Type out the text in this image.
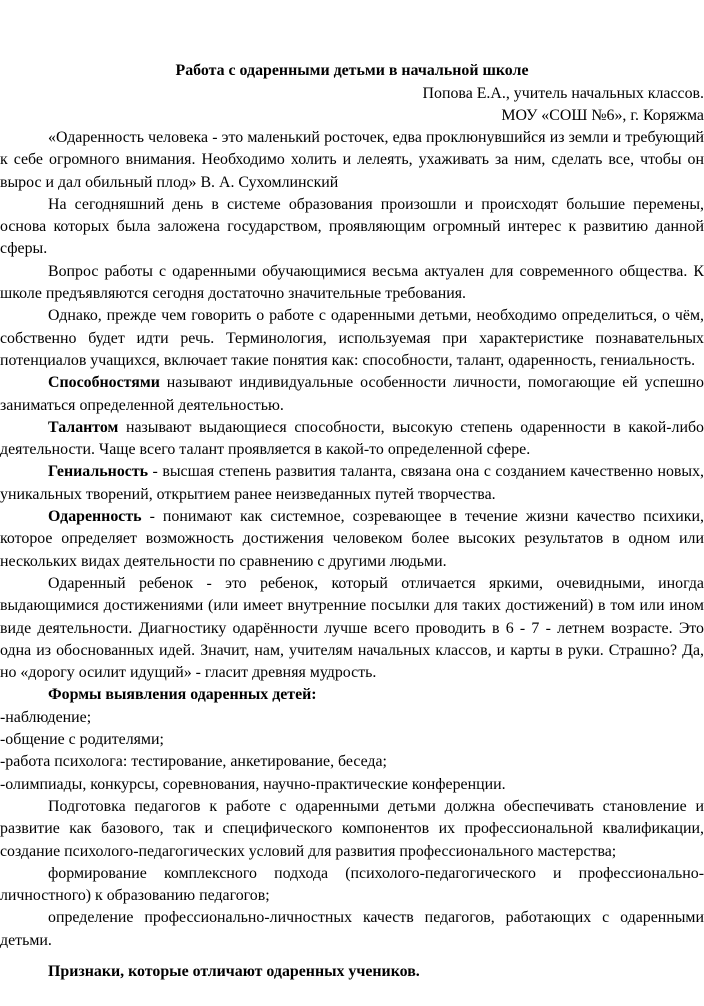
Работа с одаренными детьми в начальной школе

Попова Е.А., учитель начальных классов.

МОУ «СОШ №6», г. Коряжма

«Одаренность человека - это маленький росточек, едва проклюнувшийся из земли и требующий к себе огромного внимания. Необходимо холить и лелеять, ухаживать за ним, сделать все, чтобы он вырос и дал обильный плод» В. А. Сухомлинский

На сегодняшний день в системе образования произошли и происходят большие перемены, основа которых была заложена государством, проявляющим огромный интерес к развитию данной сферы.

Вопрос работы с одаренными обучающимися весьма актуален для современного общества. К школе предъявляются сегодня достаточно значительные требования.

Однако, прежде чем говорить о работе с одаренными детьми, необходимо определиться, о чём, собственно будет идти речь. Терминология, используемая при характеристике познавательных потенциалов учащихся, включает такие понятия как: способности, талант, одаренность, гениальность.

Способностями называют индивидуальные особенности личности, помогающие ей успешно заниматься определенной деятельностью.

Талантом называют выдающиеся способности, высокую степень одаренности в какой-либо деятельности. Чаще всего талант проявляется в какой-то определенной сфере.

Гениальность - высшая степень развития таланта, связана она с созданием качественно новых, уникальных творений, открытием ранее неизведанных путей творчества.

Одаренность - понимают как системное, созревающее в течение жизни качество психики, которое определяет возможность достижения человеком более высоких результатов в одном или нескольких видах деятельности по сравнению с другими людьми.

Одаренный ребенок - это ребенок, который отличается яркими, очевидными, иногда выдающимися достижениями (или имеет внутренние посылки для таких достижений) в том или ином виде деятельности. Диагностику одарённости лучше всего проводить в 6 - 7 - летнем возрасте. Это одна из обоснованных идей. Значит, нам, учителям начальных классов, и карты в руки. Страшно? Да, но «дорогу осилит идущий» - гласит древняя мудрость.

Формы выявления одаренных детей:

-наблюдение;

-общение с родителями;

-работа психолога: тестирование, анкетирование, беседа;

-олимпиады, конкурсы, соревнования, научно-практические конференции.

Подготовка педагогов к работе с одаренными детьми должна обеспечивать становление и развитие как базового, так и специфического компонентов их профессиональной квалификации, создание психолого-педагогических условий для развития профессионального мастерства;

формирование комплексного подхода (психолого-педагогического и профессионально-личностного) к образованию педагогов;

определение профессионально-личностных качеств педагогов, работающих с одаренными детьми.

Признаки, которые отличают одаренных учеников.
